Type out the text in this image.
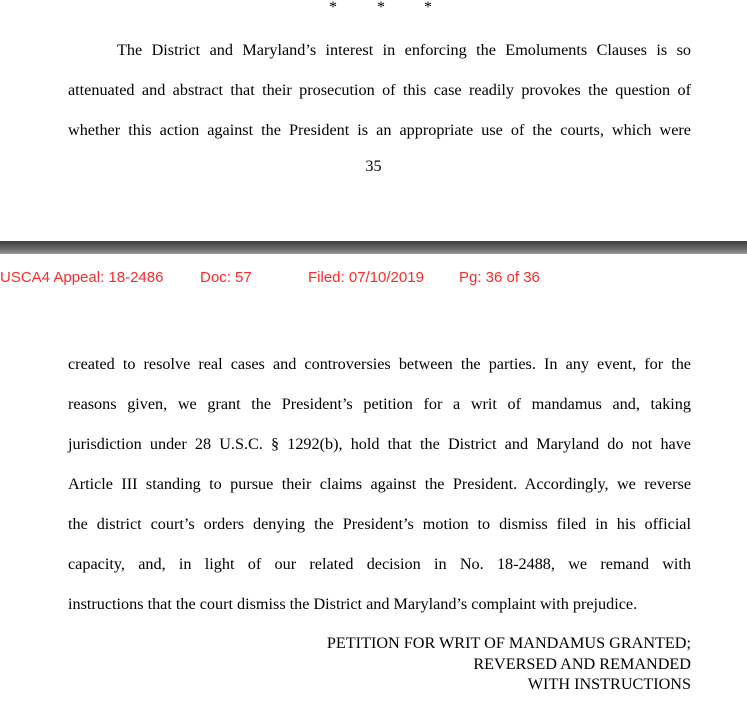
*	* *
The District and Maryland’s interest in enforcing the Emoluments Clauses is so
attenuated and abstract that their prosecution of this case readily provokes the question of
whether this action against the President is an appropriate use of the courts, which were
35
USCA4 Appeal: 18-2486 Doc: 57	Filed: 07/10/2019 Pg: 36 of 36
created to resolve real cases and controversies between the parties. In any event, for the
reasons given, we grant the President’s petition for a writ of mandamus and, taking
jurisdiction under 28 U.S.C. § 1292(b), hold that the District and Maryland do not have
Article III standing to pursue their claims against the President. Accordingly, we reverse
the district court’s orders denying the President’s motion to dismiss filed in his official
capacity, and, in light of our related decision in No. 18-2488, we remand with
instructions that the court dismiss the District and Maryland’s complaint with prejudice.
PETITION FOR WRIT OF MANDAMUS GRANTED;
REVERSED AND REMANDED
WITH INSTRUCTIONS
